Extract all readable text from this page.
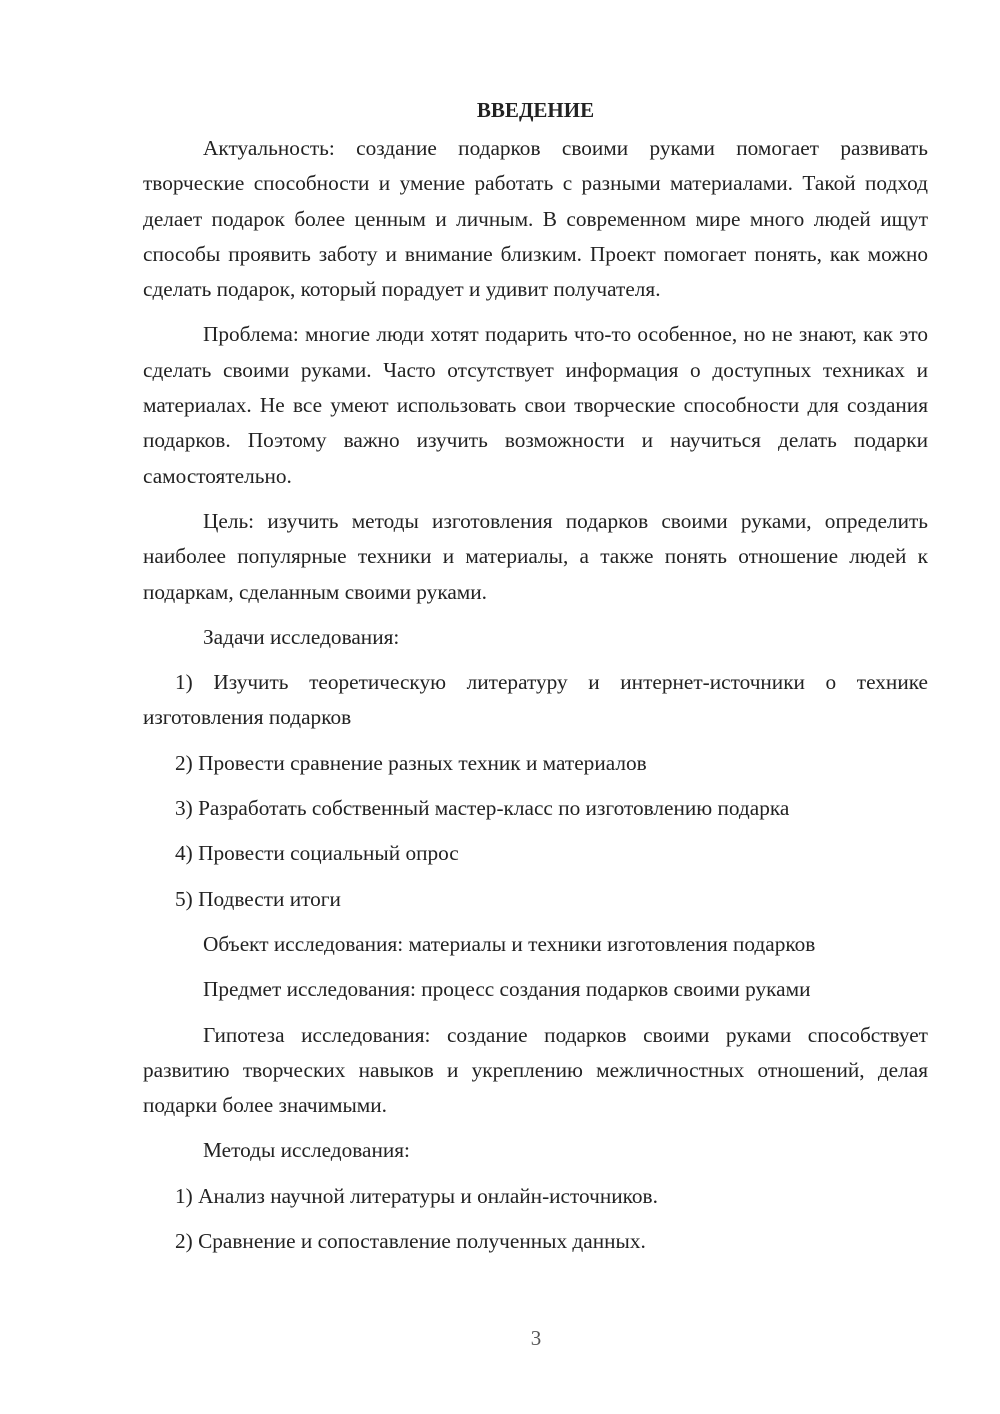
ВВЕДЕНИЕ

Актуальность: создание подарков своими руками помогает развивать творческие способности и умение работать с разными материалами. Такой подход делает подарок более ценным и личным. В современном мире много людей ищут способы проявить заботу и внимание близким. Проект помогает понять, как можно сделать подарок, который порадует и удивит получателя.

Проблема: многие люди хотят подарить что-то особенное, но не знают, как это сделать своими руками. Часто отсутствует информация о доступных техниках и материалах. Не все умеют использовать свои творческие способности для создания подарков. Поэтому важно изучить возможности и научиться делать подарки самостоятельно.

Цель: изучить методы изготовления подарков своими руками, определить наиболее популярные техники и материалы, а также понять отношение людей к подаркам, сделанным своими руками.

Задачи исследования:

1) Изучить теоретическую литературу и интернет-источники о технике изготовления подарков

2) Провести сравнение разных техник и материалов

3) Разработать собственный мастер-класс по изготовлению подарка

4) Провести социальный опрос

5) Подвести итоги

Объект исследования: материалы и техники изготовления подарков

Предмет исследования: процесс создания подарков своими руками

Гипотеза исследования: создание подарков своими руками способствует развитию творческих навыков и укреплению межличностных отношений, делая подарки более значимыми.

Методы исследования:

1) Анализ научной литературы и онлайн-источников.

2) Сравнение и сопоставление полученных данных.

3
